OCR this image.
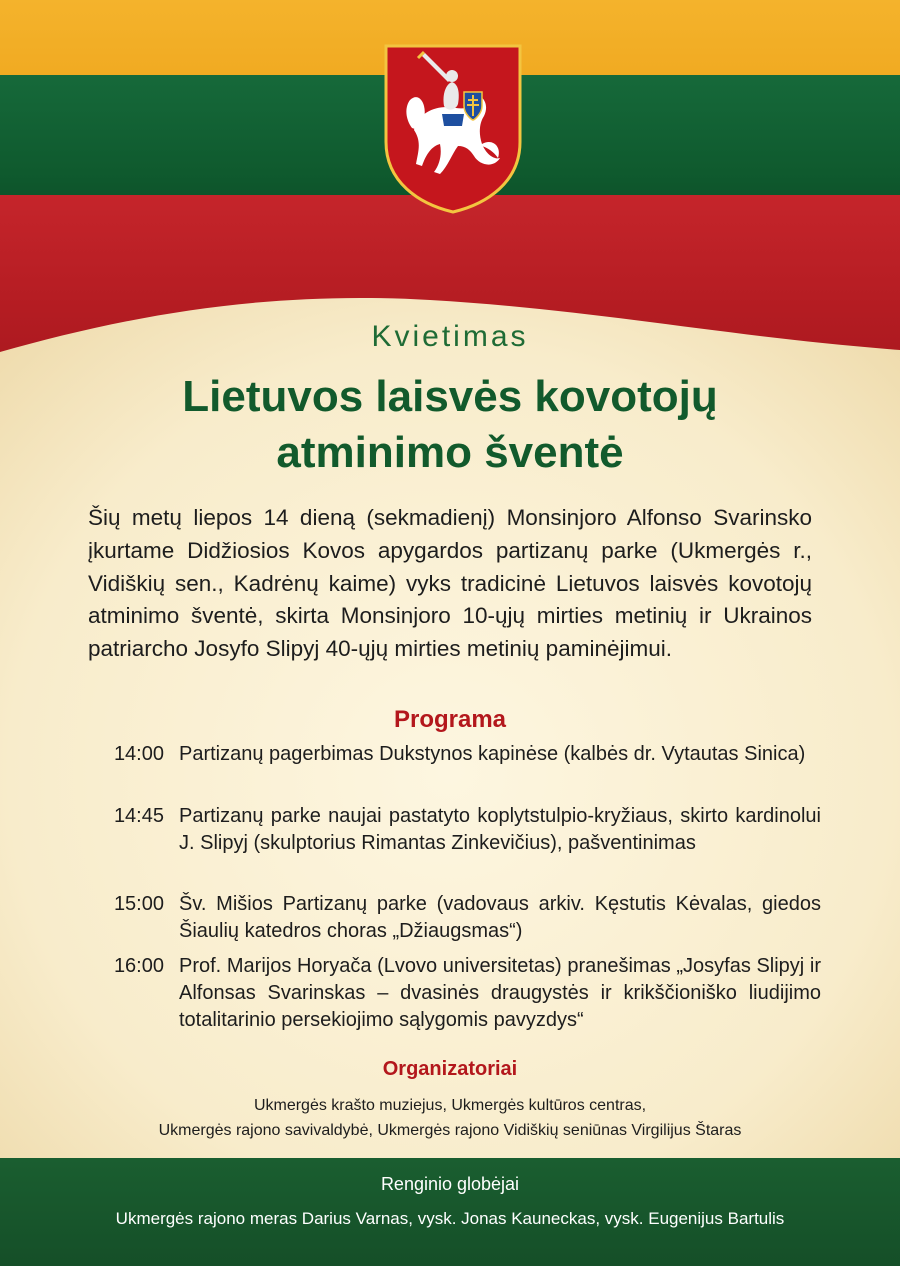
Kvietimas
Lietuvos laisvės kovotojų
atminimo šventė

Šių metų liepos 14 dieną (sekmadienį) Monsinjoro Alfonso Svarinsko įkurtame Didžiosios Kovos apygardos partizanų parke (Ukmergės r., Vidiškių sen., Kadrėnų kaime) vyks tradicinė Lietuvos laisvės kovotojų atminimo šventė, skirta Monsinjoro 10-ųjų mirties metinių ir Ukrainos patriarcho Josyfo Slipyj 40-ųjų mirties metinių paminėjimui.

Programa
14:00 Partizanų pagerbimas Dukstynos kapinėse (kalbės dr. Vytautas Sinica)

14:45 Partizanų parke naujai pastatyto koplytstulpio-kryžiaus, skirto kardinolui J. Slipyj (skulptorius Rimantas Zinkevičius), pašventinimas

15:00 Šv. Mišios Partizanų parke (vadovaus arkiv. Kęstutis Kėvalas, giedos Šiaulių katedros choras „Džiaugsmas“)

16:00 Prof. Marijos Horyača (Lvovo universitetas) pranešimas „Josyfas Slipyj ir Alfonsas Svarinskas – dvasinės draugystės ir krikščioniško liudijimo totalitarinio persekiojimo sąlygomis pavyzdys“

Organizatoriai
Ukmergės krašto muziejus, Ukmergės kultūros centras,
Ukmergės rajono savivaldybė, Ukmergės rajono Vidiškių seniūnas Virgilijus Štaras
Renginio globėjai
Ukmergės rajono meras Darius Varnas, vysk. Jonas Kauneckas, vysk. Eugenijus Bartulis
